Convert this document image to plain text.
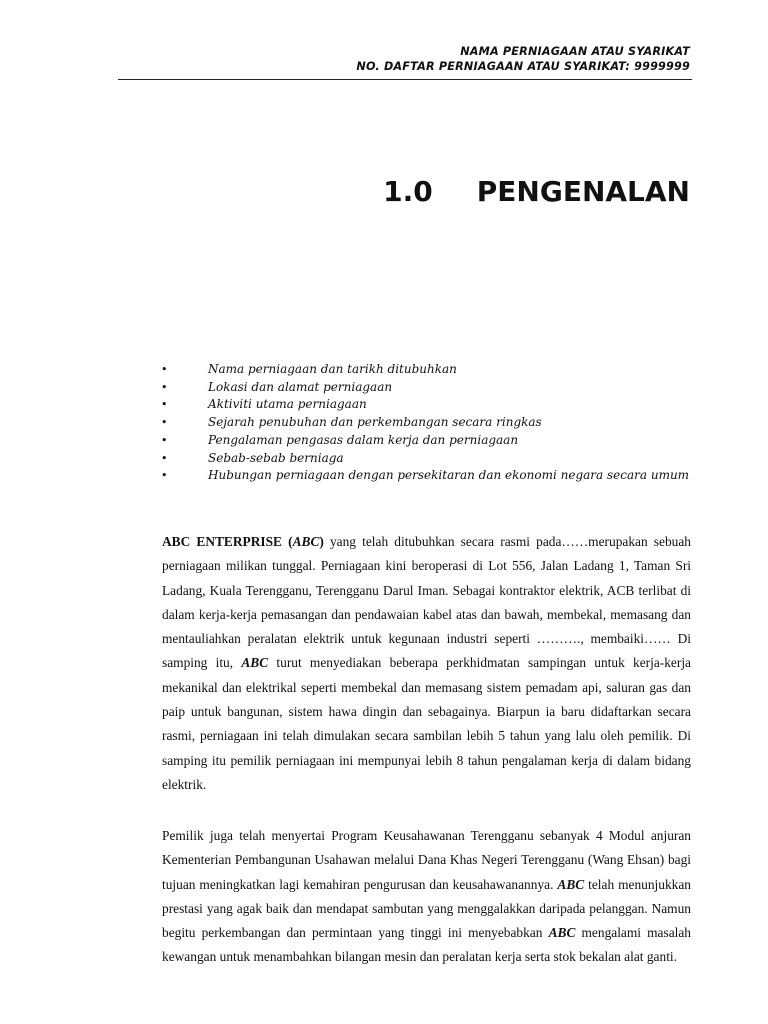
NAMA PERNIAGAAN ATAU SYARIKAT
NO. DAFTAR PERNIAGAAN ATAU SYARIKAT: 9999999
1.0 PENGENALAN
•	Nama perniagaan dan tarikh ditubuhkan
•	Lokasi dan alamat perniagaan
•	Aktiviti utama perniagaan
•	Sejarah penubuhan dan perkembangan secara ringkas
•	Pengalaman pengasas dalam kerja dan perniagaan
•	Sebab-sebab berniaga
•	Hubungan perniagaan dengan persekitaran dan ekonomi negara secara umum

ABC ENTERPRISE (ABC) yang telah ditubuhkan secara rasmi pada……merupakan sebuah perniagaan milikan tunggal. Perniagaan kini beroperasi di Lot 556, Jalan Ladang 1, Taman Sri Ladang, Kuala Terengganu, Terengganu Darul Iman. Sebagai kontraktor elektrik, ACB terlibat di dalam kerja-kerja pemasangan dan pendawaian kabel atas dan bawah, membekal, memasang dan mentauliahkan peralatan elektrik untuk kegunaan industri seperti ………., membaiki…… Di samping itu, ABC turut menyediakan beberapa perkhidmatan sampingan untuk kerja-kerja mekanikal dan elektrikal seperti membekal dan memasang sistem pemadam api, saluran gas dan paip untuk bangunan, sistem hawa dingin dan sebagainya. Biarpun ia baru didaftarkan secara rasmi, perniagaan ini telah dimulakan secara sambilan lebih 5 tahun yang lalu oleh pemilik. Di samping itu pemilik perniagaan ini mempunyai lebih 8 tahun pengalaman kerja di dalam bidang elektrik.

Pemilik juga telah menyertai Program Keusahawanan Terengganu sebanyak 4 Modul anjuran Kementerian Pembangunan Usahawan melalui Dana Khas Negeri Terengganu (Wang Ehsan) bagi tujuan meningkatkan lagi kemahiran pengurusan dan keusahawanannya. ABC telah menunjukkan prestasi yang agak baik dan mendapat sambutan yang menggalakkan daripada pelanggan. Namun begitu perkembangan dan permintaan yang tinggi ini menyebabkan ABC mengalami masalah kewangan untuk menambahkan bilangan mesin dan peralatan kerja serta stok bekalan alat ganti.
